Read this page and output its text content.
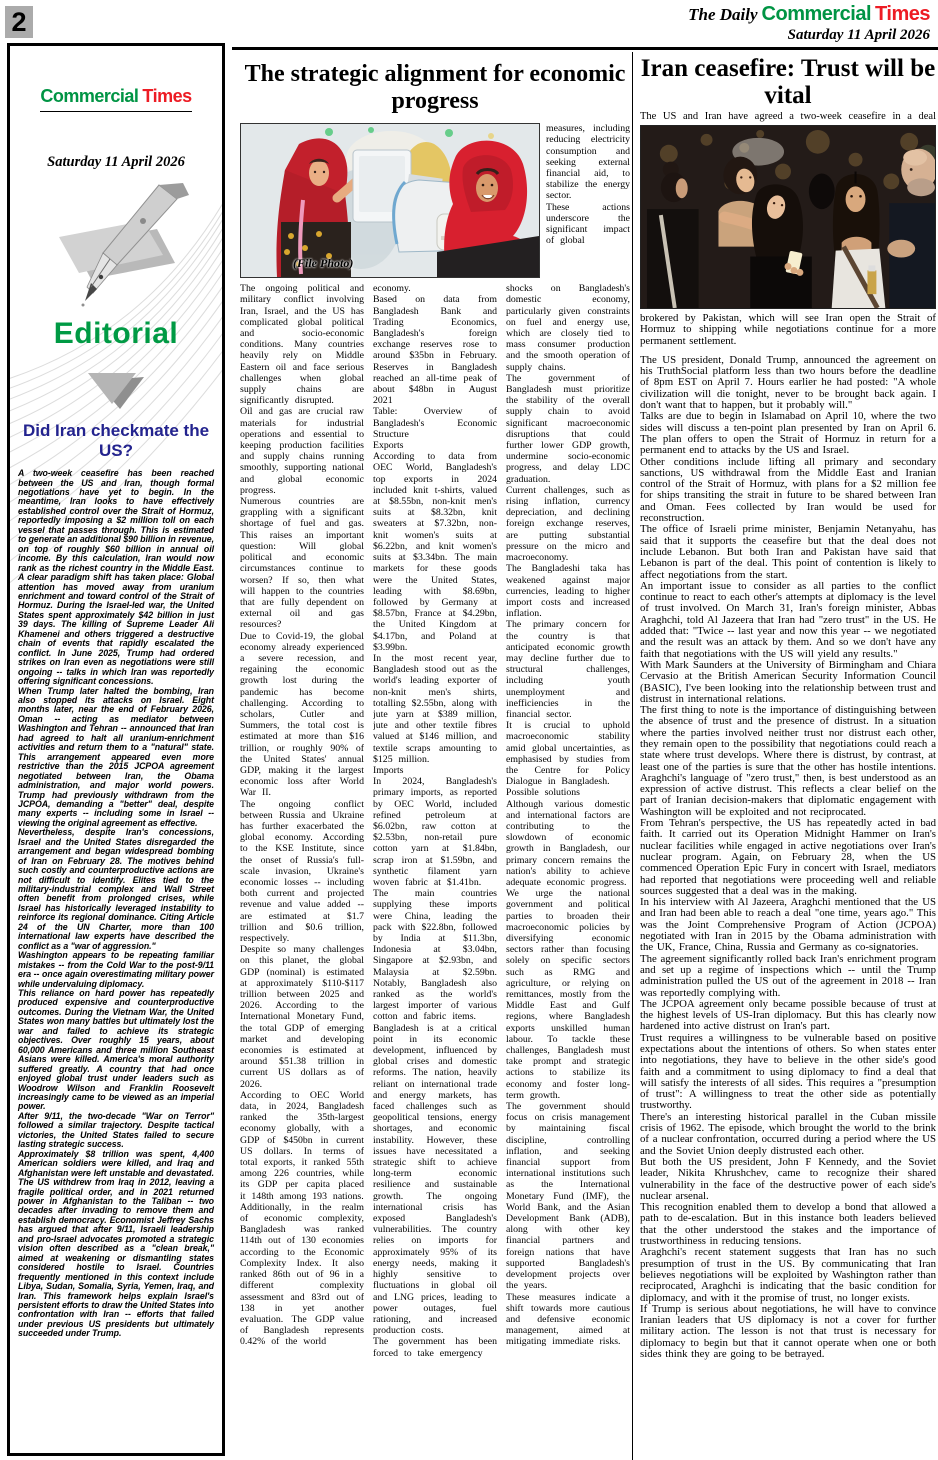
2	The Daily Commercial Times
Saturday 11 April 2026
Commercial Times
Saturday 11 April 2026
Editorial
Did Iran checkmate the US?

A two-week ceasefire has been reached between the US and Iran, though formal negotiations have yet to begin. In the meantime, Iran looks to have effectively established control over the Strait of Hormuz, reportedly imposing a $2 million toll on each vessel that passes through. This is estimated to generate an additional $90 billion in revenue, on top of roughly $60 billion in annual oil income. By this calculation, Iran would now rank as the richest country in the Middle East. A clear paradigm shift has taken place: Global attention has moved away from uranium enrichment and toward control of the Strait of Hormuz. During the Israel-led war, the United States spent approximately $42 billion in just 39 days. The killing of Supreme Leader Ali Khamenei and others triggered a destructive chain of events that rapidly escalated the conflict. In June 2025, Trump had ordered strikes on Iran even as negotiations were still ongoing -- talks in which Iran was reportedly offering significant concessions.

When Trump later halted the bombing, Iran also stopped its attacks on Israel. Eight months later, near the end of February 2026, Oman -- acting as mediator between Washington and Tehran -- announced that Iran had agreed to halt all uranium-enrichment activities and return them to a "natural" state. This arrangement appeared even more restrictive than the 2015 JCPOA agreement negotiated between Iran, the Obama administration, and major world powers. Trump had previously withdrawn from the JCPOA, demanding a "better" deal, despite many experts -- including some in Israel -- viewing the original agreement as effective.

Nevertheless, despite Iran's concessions, Israel and the United States disregarded the arrangement and began widespread bombing of Iran on February 28. The motives behind such costly and counterproductive actions are not difficult to identify. Elites tied to the military-industrial complex and Wall Street often benefit from prolonged crises, while Israel has historically leveraged instability to reinforce its regional dominance. Citing Article 24 of the UN Charter, more than 100 international law experts have described the conflict as a "war of aggression."

Washington appears to be repeating familiar mistakes -- from the Cold War to the post-9/11 era -- once again overestimating military power while undervaluing diplomacy.

This reliance on hard power has repeatedly produced expensive and counterproductive outcomes. During the Vietnam War, the United States won many battles but ultimately lost the war and failed to achieve its strategic objectives. Over roughly 15 years, about 60,000 Americans and three million Southeast Asians were killed. America's moral authority suffered greatly. A country that had once enjoyed global trust under leaders such as Woodrow Wilson and Franklin Roosevelt increasingly came to be viewed as an imperial power.

After 9/11, the two-decade "War on Terror" followed a similar trajectory. Despite tactical victories, the United States failed to secure lasting strategic success.

Approximately $8 trillion was spent, 4,400 American soldiers were killed, and Iraq and Afghanistan were left unstable and devastated. The US withdrew from Iraq in 2012, leaving a fragile political order, and in 2021 returned power in Afghanistan to the Taliban -- two decades after invading to remove them and establish democracy. Economist Jeffrey Sachs has argued that after 9/11, Israeli leadership and pro-Israel advocates promoted a strategic vision often described as a "clean break," aimed at weakening or dismantling states considered hostile to Israel. Countries frequently mentioned in this context include Libya, Sudan, Somalia, Syria, Yemen, Iraq, and Iran. This framework helps explain Israel's persistent efforts to draw the United States into confrontation with Iran -- efforts that failed under previous US presidents but ultimately succeeded under Trump.

The strategic alignment for economic progress
(File Photo)

measures, including reducing electricity consumption and seeking external financial aid, to stabilize the energy sector.

These actions underscore the significant impact of global

The ongoing political and military conflict involving Iran, Israel, and the US has complicated global political and socio-economic conditions. Many countries heavily rely on Middle Eastern oil and face serious challenges when global supply chains are significantly disrupted.

Oil and gas are crucial raw materials for industrial operations and essential to keeping production facilities and supply chains running smoothly, supporting national and global economic progress.

Numerous countries are grappling with a significant shortage of fuel and gas. This raises an important question: Will global political and economic circumstances continue to worsen? If so, then what will happen to the countries that are fully dependent on external oil and gas resources?

Due to Covid-19, the global economy already experienced a severe recession, and regaining the economic growth lost during the pandemic has become challenging. According to scholars, Cutler and Summers, the total cost is estimated at more than $16 trillion, or roughly 90% of the United States' annual GDP, making it the largest economic loss after World War II.

The ongoing conflict between Russia and Ukraine has further exacerbated the global economy. According to the KSE Institute, since the onset of Russia's full-scale invasion, Ukraine's economic losses -- including both current and projected revenue and value added -- are estimated at $1.7 trillion and $0.6 trillion, respectively.

Despite so many challenges on this planet, the global GDP (nominal) is estimated at approximately $110-$117 trillion between 2025 and 2026. According to the International Monetary Fund, the total GDP of emerging market and developing economies is estimated at around $51.38 trillion in current US dollars as of 2026.

According to OEC World data, in 2024, Bangladesh ranked the 35th-largest economy globally, with a GDP of $450bn in current US dollars. In terms of total exports, it ranked 55th among 226 countries, while its GDP per capita placed it 148th among 193 nations.

Additionally, in the realm of economic complexity, Bangladesh was ranked 114th out of 130 economies according to the Economic Complexity Index. It also ranked 86th out of 96 in a different complexity assessment and 83rd out of 138 in yet another evaluation. The GDP value of Bangladesh represents 0.42% of the world

economy.

Based on data from Bangladesh Bank and Trading Economics, Bangladesh's foreign exchange reserves rose to around $35bn in February. Reserves in Bangladesh reached an all-time peak of about $48bn in August 2021

Table: Overview of Bangladesh's Economic Structure

Exports

According to data from OEC World, Bangladesh's top exports in 2024 included knit t-shirts, valued at $8.55bn, non-knit men's suits at $8.32bn, knit sweaters at $7.32bn, non-knit women's suits at $6.22bn, and knit women's suits at $3.34bn. The main markets for these goods were the United States, leading with $8.69bn, followed by Germany at $8.57bn, France at $4.29bn, the United Kingdom at $4.17bn, and Poland at $3.99bn.

In the most recent year, Bangladesh stood out as the world's leading exporter of non-knit men's shirts, totalling $2.55bn, along with jute yarn at $389 million, jute and other textile fibres valued at $146 million, and textile scraps amounting to $125 million.

Imports

In 2024, Bangladesh's primary imports, as reported by OEC World, included refined petroleum at $6.02bn, raw cotton at $2.53bn, non-retail pure cotton yarn at $1.84bn, scrap iron at $1.59bn, and synthetic filament yarn woven fabric at $1.41bn.

The main countries supplying these imports were China, leading the pack with $22.8bn, followed by India at $11.3bn, Indonesia at $3.04bn, Singapore at $2.93bn, and Malaysia at $2.59bn. Notably, Bangladesh also ranked as the world's largest importer of various cotton and fabric items.

Bangladesh is at a critical point in its economic development, influenced by global crises and domestic reforms. The nation, heavily reliant on international trade and energy markets, has faced challenges such as geopolitical tensions, energy shortages, and economic instability. However, these issues have necessitated a strategic shift to achieve long-term economic resilience and sustainable growth. The ongoing international crisis has exposed Bangladesh's vulnerabilities. The country relies on imports for approximately 95% of its energy needs, making it highly sensitive to fluctuations in global oil and LNG prices, leading to power outages, fuel rationing, and increased production costs.

The government has been forced to take emergency

shocks on Bangladesh's domestic economy, particularly given constraints on fuel and energy use, which are closely tied to mass consumer production and the smooth operation of supply chains.

The government of Bangladesh must prioritize the stability of the overall supply chain to avoid significant macroeconomic disruptions that could further lower GDP growth, undermine socio-economic progress, and delay LDC graduation.

Current challenges, such as rising inflation, currency depreciation, and declining foreign exchange reserves, are putting substantial pressure on the micro and macroeconomy.

The Bangladeshi taka has weakened against major currencies, leading to higher import costs and increased inflation.

The primary concern for the country is that anticipated economic growth may decline further due to structural challenges, including youth unemployment and inefficiencies in the financial sector.

It is crucial to uphold macroeconomic stability amid global uncertainties, as emphasised by studies from the Centre for Policy Dialogue in Bangladesh.

Possible solutions

Although various domestic and international factors are contributing to the slowdown of economic growth in Bangladesh, our primary concern remains the nation's ability to achieve adequate economic progress.

We urge the national government and political parties to broaden their macroeconomic policies by diversifying economic sectors rather than focusing solely on specific sectors such as RMG and agriculture, or relying on remittances, mostly from the Middle East and Gulf regions, where Bangladesh exports unskilled human labour. To tackle these challenges, Bangladesh must take prompt and strategic actions to stabilize its economy and foster long-term growth.

The government should focus on crisis management by maintaining fiscal discipline, controlling inflation, and seeking financial support from international institutions such as the International Monetary Fund (IMF), the World Bank, and the Asian Development Bank (ADB), along with other key financial partners and foreign nations that have supported Bangladesh's development projects over the years.

These measures indicate a shift towards more cautious and defensive economic management, aimed at mitigating immediate risks.

Iran ceasefire: Trust will be vital

The US and Iran have agreed a two-week ceasefire in a deal

brokered by Pakistan, which will see Iran open the Strait of Hormuz to shipping while negotiations continue for a more permanent settlement.

The US president, Donald Trump, announced the agreement on his TruthSocial platform less than two hours before the deadline of 8pm EST on April 7. Hours earlier he had posted: "A whole civilization will die tonight, never to be brought back again. I don't want that to happen, but it probably will."

Talks are due to begin in Islamabad on April 10, where the two sides will discuss a ten-point plan presented by Iran on April 6. The plan offers to open the Strait of Hormuz in return for a permanent end to attacks by the US and Israel.

Other conditions include lifting all primary and secondary sanctions, US withdrawal from the Middle East and Iranian control of the Strait of Hormuz, with plans for a $2 million fee for ships transiting the strait in future to be shared between Iran and Oman. Fees collected by Iran would be used for reconstruction.

The office of Israeli prime minister, Benjamin Netanyahu, has said that it supports the ceasefire but that the deal does not include Lebanon. But both Iran and Pakistan have said that Lebanon is part of the deal. This point of contention is likely to affect negotiations from the start.

An important issue to consider as all parties to the conflict continue to react to each other's attempts at diplomacy is the level of trust involved. On March 31, Iran's foreign minister, Abbas Araghchi, told Al Jazeera that Iran had "zero trust" in the US. He added that: "Twice -- last year and now this year -- we negotiated and the result was an attack by them. And so we don't have any faith that negotiations with the US will yield any results."

With Mark Saunders at the University of Birmingham and Chiara Cervasio at the British American Security Information Council (BASIC), I've been looking into the relationship between trust and distrust in international relations.

The first thing to note is the importance of distinguishing between the absence of trust and the presence of distrust. In a situation where the parties involved neither trust nor distrust each other, they remain open to the possibility that negotiations could reach a state where trust develops. Where there is distrust, by contrast, at least one of the parties is sure that the other has hostile intentions.

Araghchi's language of "zero trust," then, is best understood as an expression of active distrust. This reflects a clear belief on the part of Iranian decision-makers that diplomatic engagement with Washington will be exploited and not reciprocated.

From Tehran's perspective, the US has repeatedly acted in bad faith. It carried out its Operation Midnight Hammer on Iran's nuclear facilities while engaged in active negotiations over Iran's nuclear program. Again, on February 28, when the US commenced Operation Epic Fury in concert with Israel, mediators had reported that negotiations were proceeding well and reliable sources suggested that a deal was in the making.

In his interview with Al Jazeera, Araghchi mentioned that the US and Iran had been able to reach a deal "one time, years ago." This was the Joint Comprehensive Program of Action (JCPOA) negotiated with Iran in 2015 by the Obama administration with the UK, France, China, Russia and Germany as co-signatories.

The agreement significantly rolled back Iran's enrichment program and set up a regime of inspections which -- until the Trump administration pulled the US out of the agreement in 2018 -- Iran was reportedly complying with.

The JCPOA agreement only became possible because of trust at the highest levels of US-Iran diplomacy. But this has clearly now hardened into active distrust on Iran's part.

Trust requires a willingness to be vulnerable based on positive expectations about the intentions of others. So when states enter into negotiations, they have to believe in the other side's good faith and a commitment to using diplomacy to find a deal that will satisfy the interests of all sides. This requires a "presumption of trust": A willingness to treat the other side as potentially trustworthy.

There's an interesting historical parallel in the Cuban missile crisis of 1962. The episode, which brought the world to the brink of a nuclear confrontation, occurred during a period where the US and the Soviet Union deeply distrusted each other.

But both the US president, John F Kennedy, and the Soviet leader, Nikita Khrushchev, came to recognize their shared vulnerability in the face of the destructive power of each side's nuclear arsenal.

This recognition enabled them to develop a bond that allowed a path to de-escalation. But in this instance both leaders believed that the other understood the stakes and the importance of trustworthiness in reducing tensions.

Araghchi's recent statement suggests that Iran has no such presumption of trust in the US. By communicating that Iran believes negotiations will be exploited by Washington rather than reciprocated, Araghchi is indicating that the basic condition for diplomacy, and with it the promise of trust, no longer exists.

If Trump is serious about negotiations, he will have to convince Iranian leaders that US diplomacy is not a cover for further military action. The lesson is not that trust is necessary for diplomacy to begin but that it cannot operate when one or both sides think they are going to be betrayed.
